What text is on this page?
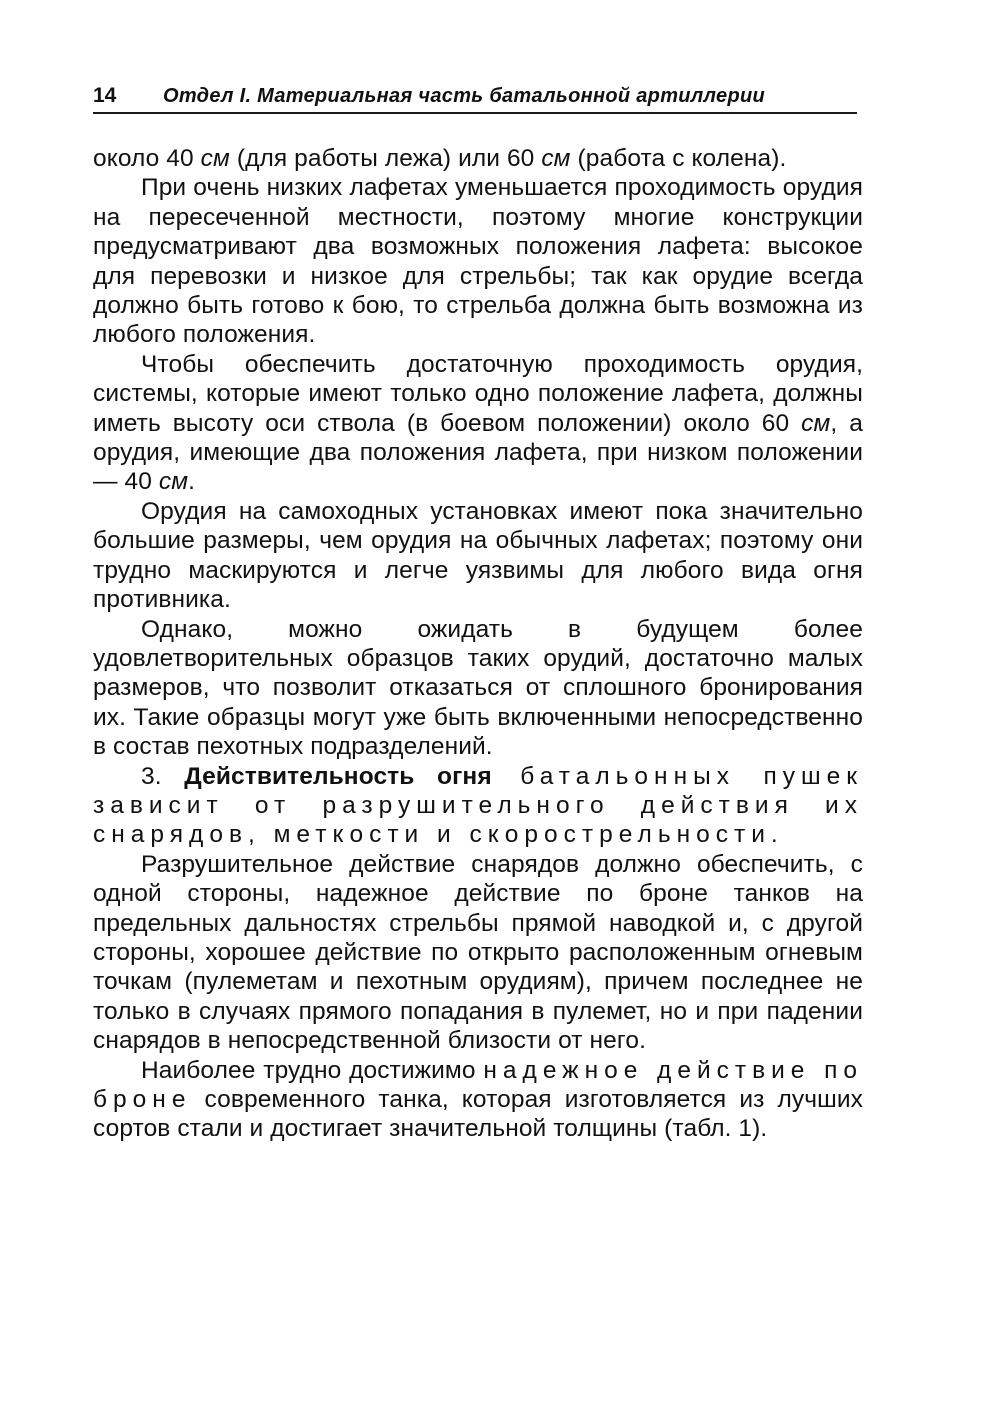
14	Отдел I. Материальная часть батальонной артиллерии

около 40 см (для работы лежа) или 60 см (работа с колена).

При очень низких лафетах уменьшается проходимость орудия на пересеченной местности, поэтому многие конструкции предусматривают два возможных положения лафета: высокое для перевозки и низкое для стрельбы; так как орудие всегда должно быть готово к бою, то стрельба должна быть возможна из любого положения.

Чтобы обеспечить достаточную проходимость орудия, системы, которые имеют только одно положение лафета, должны иметь высоту оси ствола (в боевом положении) около 60 см, а орудия, имеющие два положения лафета, при низком положении — 40 см.

Орудия на самоходных установках имеют пока значительно большие размеры, чем орудия на обычных лафетах; поэтому они трудно маскируются и легче уязвимы для любого вида огня противника.

Однако, можно ожидать в будущем более удовлетворительных образцов таких орудий, достаточно малых размеров, что позволит отказаться от сплошного бронирования их. Такие образцы могут уже быть включенными непосредственно в состав пехотных подразделений.

3. Действительность огня батальонных пушек зависит от разрушительного действия их снарядов, меткости и скорострельности.

Разрушительное действие снарядов должно обеспечить, с одной стороны, надежное действие по броне танков на предельных дальностях стрельбы прямой наводкой и, с другой стороны, хорошее действие по открыто расположенным огневым точкам (пулеметам и пехотным орудиям), причем последнее не только в случаях прямого попадания в пулемет, но и при падении снарядов в непосредственной близости от него.

Наиболее трудно достижимо надежное действие по броне современного танка, которая изготовляется из лучших сортов стали и достигает значительной толщины (табл. 1).
